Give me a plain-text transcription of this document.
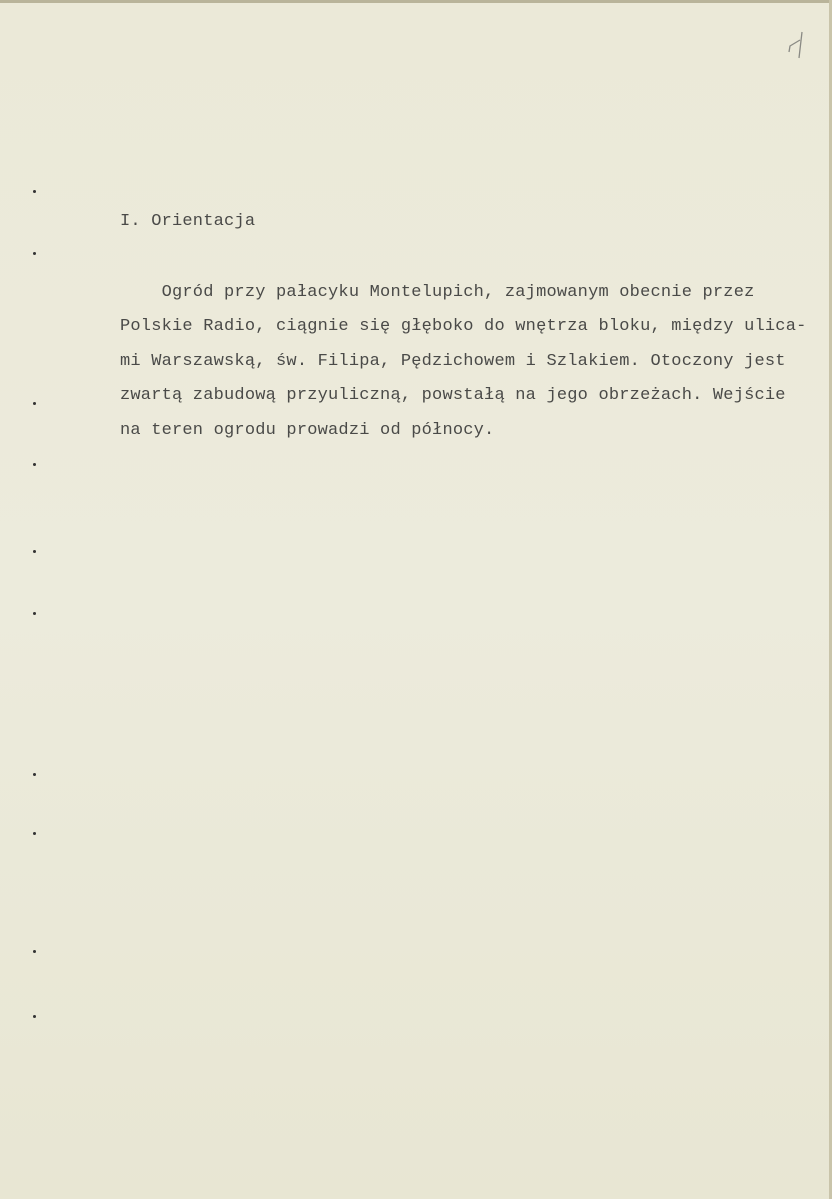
I. Orientacja
Ogród przy pałacyku Montelupich, zajmowanym obecnie przez
Polskie Radio, ciągnie się głęboko do wnętrza bloku, między ulica-
mi Warszawską, św. Filipa, Pędzichowem i Szlakiem. Otoczony jest
zwartą zabudową przyuliczną, powstałą na jego obrzeżach. Wejście
na teren ogrodu prowadzi od północy.
